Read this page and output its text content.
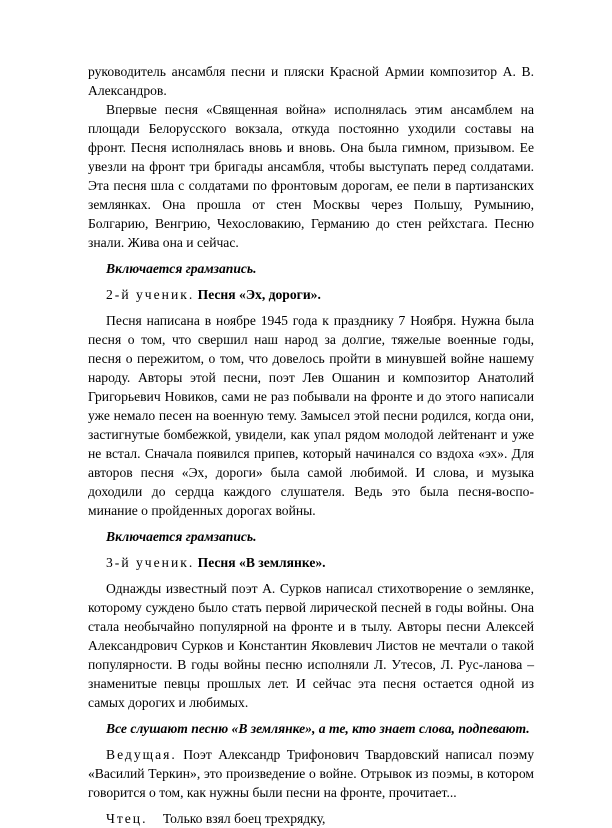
руководитель ансамбля песни и пляски Красной Армии композитор А. В. Александров.

Впервые песня «Священная война» исполнялась этим ансамблем на площади Белорусского вокзала, откуда постоянно уходили составы на фронт. Песня исполнялась вновь и вновь. Она была гимном, призывом. Ее увезли на фронт три бригады ансамбля, чтобы выступать перед солдатами. Эта песня шла с солдатами по фронтовым дорогам, ее пели в партизанских землянках. Она прошла от стен Москвы через Польшу, Румынию, Болгарию, Венгрию, Чехословакию, Германию до стен рейхстага. Песню знали. Жива она и сейчас.

Включается грамзапись.

2-й ученик. Песня «Эх, дороги».

Песня написана в ноябре 1945 года к празднику 7 Ноября. Нужна была песня о том, что свершил наш народ за долгие, тяжелые военные годы, песня о пережитом, о том, что довелось пройти в минувшей войне нашему народу. Авторы этой песни, поэт Лев Ошанин и композитор Анатолий Григорьевич Новиков, сами не раз побывали на фронте и до этого написали уже немало песен на военную тему. Замысел этой песни родился, когда они, застигнутые бомбежкой, увидели, как упал рядом молодой лейтенант и уже не встал. Сначала появился припев, который начинался со вздоха «эх». Для авторов песня «Эх, дороги» была самой любимой. И слова, и музыка доходили до сердца каждого слушателя. Ведь это была песня-воспо-минание о пройденных дорогах войны.

Включается грамзапись.

3-й ученик. Песня «В землянке».

Однажды известный поэт А. Сурков написал стихотворение о землянке, которому суждено было стать первой лирической песней в годы войны. Она стала необычайно популярной на фронте и в тылу. Авторы песни Алексей Александрович Сурков и Константин Яковлевич Листов не мечтали о такой популярности. В годы войны песню исполняли Л. Утесов, Л. Рус-ланова – знаменитые певцы прошлых лет. И сейчас эта песня остается одной из самых дорогих и любимых.

Все слушают песню «В землянке», а те, кто знает слова, подпевают.

Ведущая. Поэт Александр Трифонович Твардовский написал поэму «Василий Теркин», это произведение о войне. Отрывок из поэмы, в котором говорится о том, как нужны были песни на фронте, прочитает...

Чтец. Только взял боец трехрядку,
